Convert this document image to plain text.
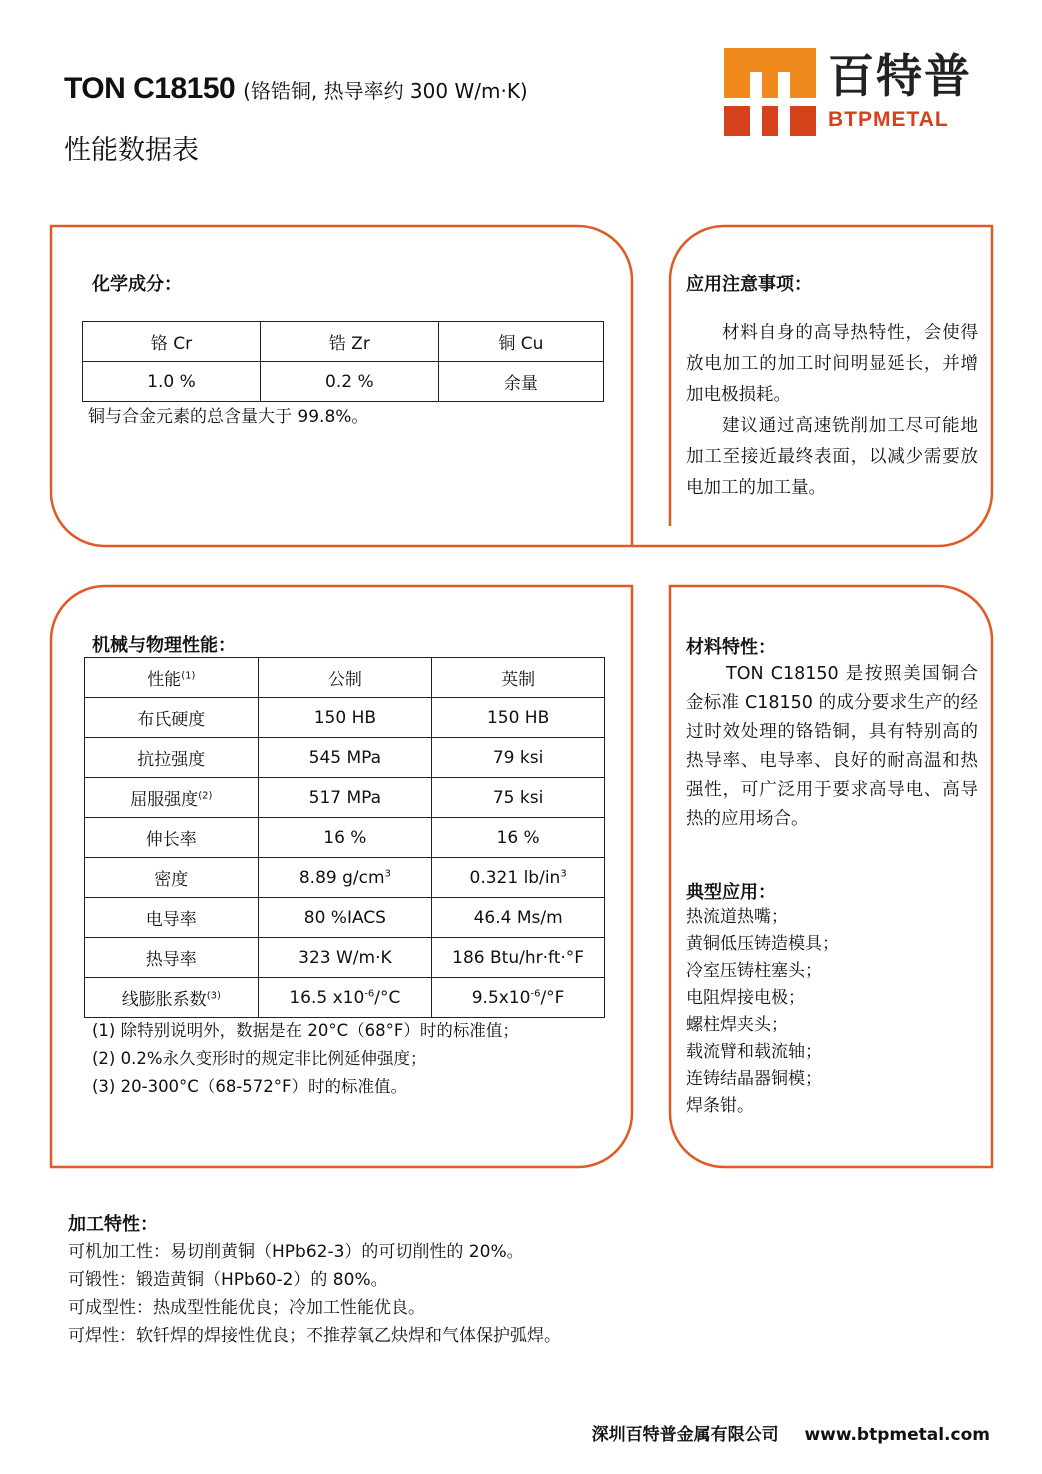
TON C18150 (铬锆铜, 热导率约 300 W/m·K)
性能数据表
百特普
BTPMETAL
化学成分：
铬 Cr	锆 Zr	铜 Cu
1.0 %	0.2 %	余量
铜与合金元素的总含量大于 99.8%。
应用注意事项：
材料自身的高导热特性，会使得放电加工的加工时间明显延长，并增加电极损耗。
建议通过高速铣削加工尽可能地加工至接近最终表面，以减少需要放电加工的加工量。
机械与物理性能：
性能$^{(1)}$	公制	英制
布氏硬度	150 HB	150 HB
抗拉强度	545 MPa	79 ksi
屈服强度$^{(2)}$	517 MPa	75 ksi
伸长率	16 %	16 %
密度	8.89 $g/cm^3$	0.321 $lb/in^3$
电导率	80 %IACS	46.4 Ms/m
热导率	323 W/m·K	186 Btu/hr·ft·°F
线膨胀系数$^{(3)}$	16.5 $x10^{-6}/^\circ C$	$9.5x10^{-6}/^\circ F$
(1) 除特别说明外，数据是在 20°C（68°F）时的标准值；
(2) 0.2%永久变形时的规定非比例延伸强度；
(3) 20-300°C（68-572°F）时的标准值。
材料特性：
TON C18150 是按照美国铜合金标准 C18150 的成分要求生产的经过时效处理的铬锆铜，具有特别高的热导率、电导率、良好的耐高温和热强性，可广泛用于要求高导电、高导热的应用场合。
典型应用：
热流道热嘴；
黄铜低压铸造模具；
冷室压铸柱塞头；
电阻焊接电极；
螺柱焊夹头；
载流臂和载流轴；
连铸结晶器铜模；
焊条钳。
加工特性：
可机加工性：易切削黄铜（HPb62-3）的可切削性的 20%。
可锻性：锻造黄铜（HPb60-2）的 80%。
可成型性：热成型性能优良；冷加工性能优良。
可焊性：软钎焊的焊接性优良；不推荐氧乙炔焊和气体保护弧焊。
深圳百特普金属有限公司 www.btpmetal.com
